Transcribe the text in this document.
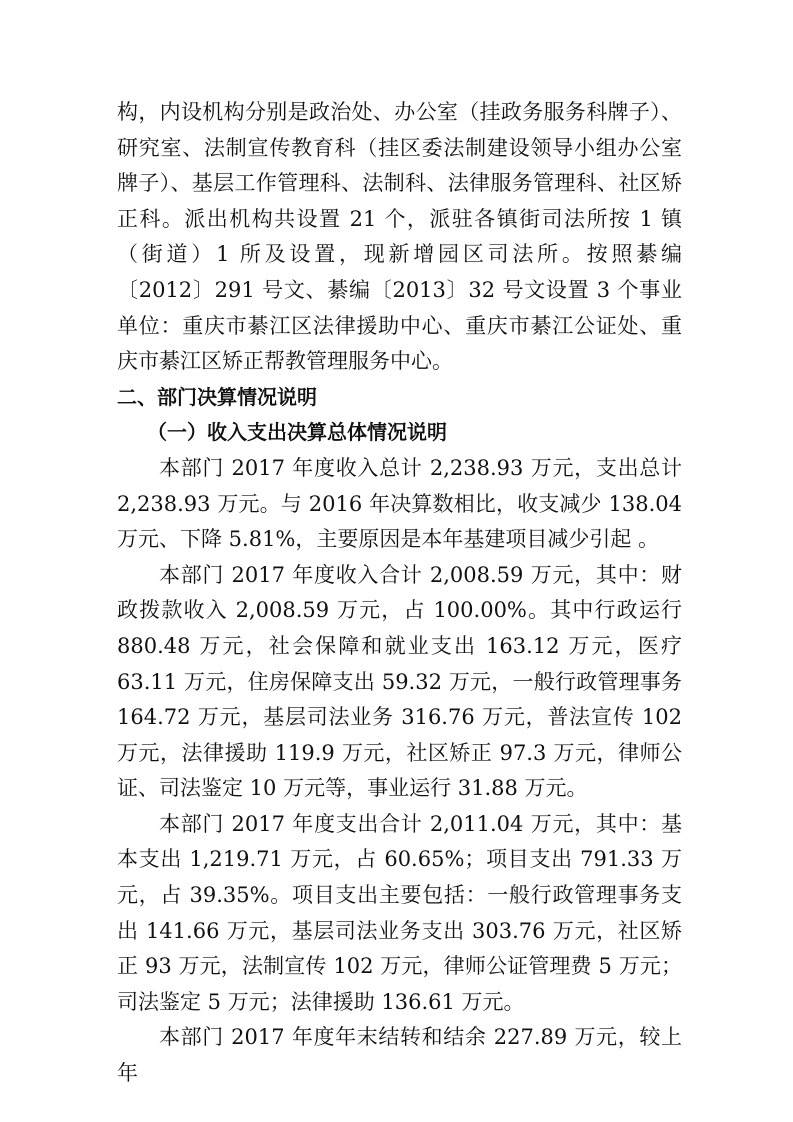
构，内设机构分别是政治处、办公室（挂政务服务科牌子）、研究室、法制宣传教育科（挂区委法制建设领导小组办公室牌子）、基层工作管理科、法制科、法律服务管理科、社区矫正科。派出机构共设置 21 个，派驻各镇街司法所按 1 镇（街道）1 所及设置，现新增园区司法所。按照綦编〔2012〕291 号文、綦编〔2013〕32 号文设置 3 个事业单位：重庆市綦江区法律援助中心、重庆市綦江公证处、重庆市綦江区矫正帮教管理服务中心。

二、部门决算情况说明

（一）收入支出决算总体情况说明

本部门 2017 年度收入总计 2,238.93 万元，支出总计 2,238.93 万元。与 2016 年决算数相比，收支减少 138.04 万元、下降 5.81%，主要原因是本年基建项目减少引起 。

本部门 2017 年度收入合计 2,008.59 万元，其中：财政拨款收入 2,008.59 万元，占 100.00%。其中行政运行 880.48 万元，社会保障和就业支出 163.12 万元，医疗 63.11 万元，住房保障支出 59.32 万元，一般行政管理事务 164.72 万元，基层司法业务 316.76 万元，普法宣传 102 万元，法律援助 119.9 万元，社区矫正 97.3 万元，律师公证、司法鉴定 10 万元等，事业运行 31.88 万元。

本部门 2017 年度支出合计 2,011.04 万元，其中：基本支出 1,219.71 万元，占 60.65%；项目支出 791.33 万元，占 39.35%。项目支出主要包括：一般行政管理事务支出 141.66 万元，基层司法业务支出 303.76 万元，社区矫正 93 万元，法制宣传 102 万元，律师公证管理费 5 万元；司法鉴定 5 万元；法律援助 136.61 万元。

本部门 2017 年度年末结转和结余 227.89 万元，较上年
